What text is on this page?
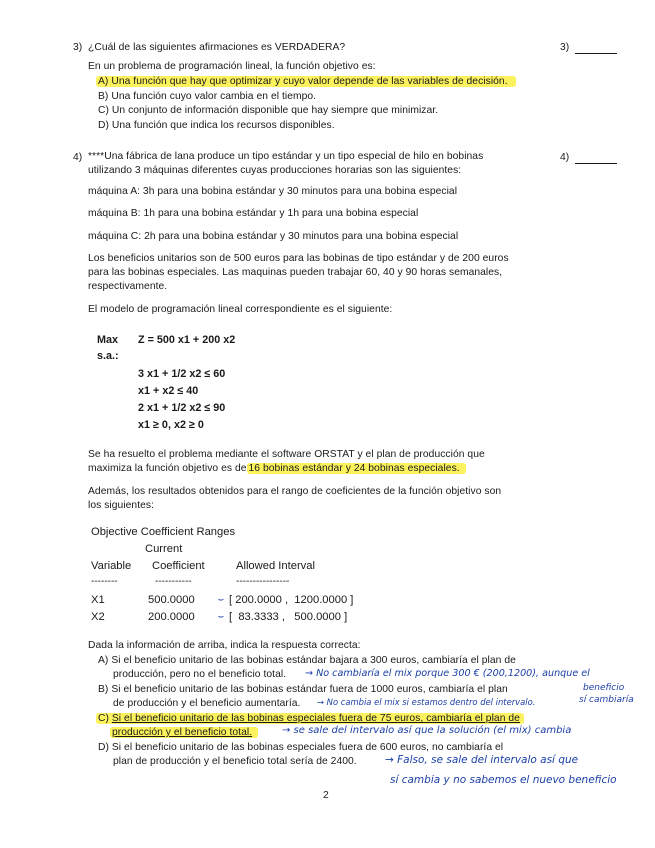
3) ¿Cuál de las siguientes afirmaciones es VERDADERA?	3)
En un problema de programación lineal, la función objetivo es:
A) Una función que hay que optimizar y cuyo valor depende de las variables de decisión.
B) Una función cuyo valor cambia en el tiempo.
C) Un conjunto de información disponible que hay siempre que minimizar.
D) Una función que indica los recursos disponibles.
4) ****Una fábrica de lana produce un tipo estándar y un tipo especial de hilo en bobinas	4)
utilizando 3 máquinas diferentes cuyas producciones horarias son las siguientes:
máquina A: 3h para una bobina estándar y 30 minutos para una bobina especial
máquina B: 1h para una bobina estándar y 1h para una bobina especial
máquina C: 2h para una bobina estándar y 30 minutos para una bobina especial
Los beneficios unitarios son de 500 euros para las bobinas de tipo estándar y de 200 euros
para las bobinas especiales. Las maquinas pueden trabajar 60, 40 y 90 horas semanales,
respectivamente.
El modelo de programación lineal correspondiente es el siguiente:
Max Z = 500 x1 + 200 x2
s.a.:
3 x1 + 1/2 x2 ≤ 60
x1 + x2 ≤ 40
2 x1 + 1/2 x2 ≤ 90
x1 ≥ 0, x2 ≥ 0
Se ha resuelto el problema mediante el software ORSTAT y el plan de producción que
maximiza la función objetivo es de 16 bobinas estándar y 24 bobinas especiales.
Además, los resultados obtenidos para el rango de coeficientes de la función objetivo son
los siguientes:
Objective Coefficient Ranges
Current
Variable Coefficient	Allowed Interval
--------	-----------	----------------
X1	500.0000 ⌣ [ 200.0000 ,  1200.0000 ]
X2	200.0000 ⌣ [  83.3333 ,   500.0000 ]
Dada la información de arriba, indica la respuesta correcta:
A) Si el beneficio unitario de las bobinas estándar bajara a 300 euros, cambiaría el plan de
producción, pero no el beneficio total. → No cambiaría el mix porque 300 € (200,1200), aunque el
beneficio
sí cambiaría
B) Si el beneficio unitario de las bobinas estándar fuera de 1000 euros, cambiaría el plan
de producción y el beneficio aumentaría. → No cambia el mix si estamos dentro del intervalo.
C) Si el beneficio unitario de las bobinas especiales fuera de 75 euros, cambiaría el plan de
producción y el beneficio total.	→ se sale del intervalo así que la solución (el mix) cambia
D) Si el beneficio unitario de las bobinas especiales fuera de 600 euros, no cambiaría el
plan de producción y el beneficio total sería de 2400.	→ Falso, se sale del intervalo así que
sí cambia y no sabemos el nuevo beneficio
2
